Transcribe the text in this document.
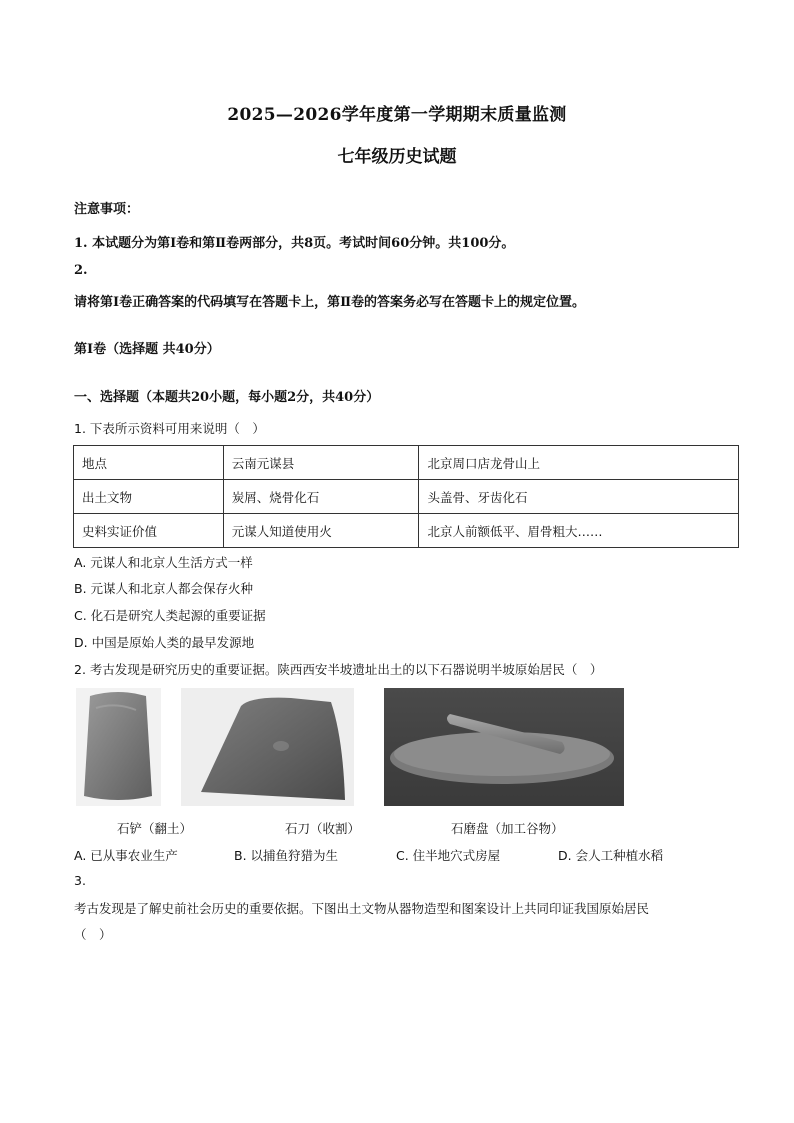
2025—2026学年度第一学期期末质量监测
七年级历史试题
注意事项：
1. 本试题分为第Ⅰ卷和第Ⅱ卷两部分，共8页。考试时间60分钟。共100分。
2.
请将第Ⅰ卷正确答案的代码填写在答题卡上，第Ⅱ卷的答案务必写在答题卡上的规定位置。
第Ⅰ卷（选择题 共40分）
一、选择题（本题共20小题，每小题2分，共40分）
1. 下表所示资料可用来说明（　）
地点	云南元谋县	北京周口店龙骨山上
出土文物	炭屑、烧骨化石	头盖骨、牙齿化石
史料实证价值	元谋人知道使用火	北京人前额低平、眉骨粗大……
A. 元谋人和北京人生活方式一样
B. 元谋人和北京人都会保存火种
C. 化石是研究人类起源的重要证据
D. 中国是原始人类的最早发源地
2. 考古发现是研究历史的重要证据。陕西西安半坡遗址出土的以下石器说明半坡原始居民（　）
石铲（翻土）	石刀（收割）	石磨盘（加工谷物）
A. 已从事农业生产	B. 以捕鱼狩猎为生	C. 住半地穴式房屋	D. 会人工种植水稻
3.
考古发现是了解史前社会历史的重要依据。下图出土文物从器物造型和图案设计上共同印证我国原始居民
（　）
